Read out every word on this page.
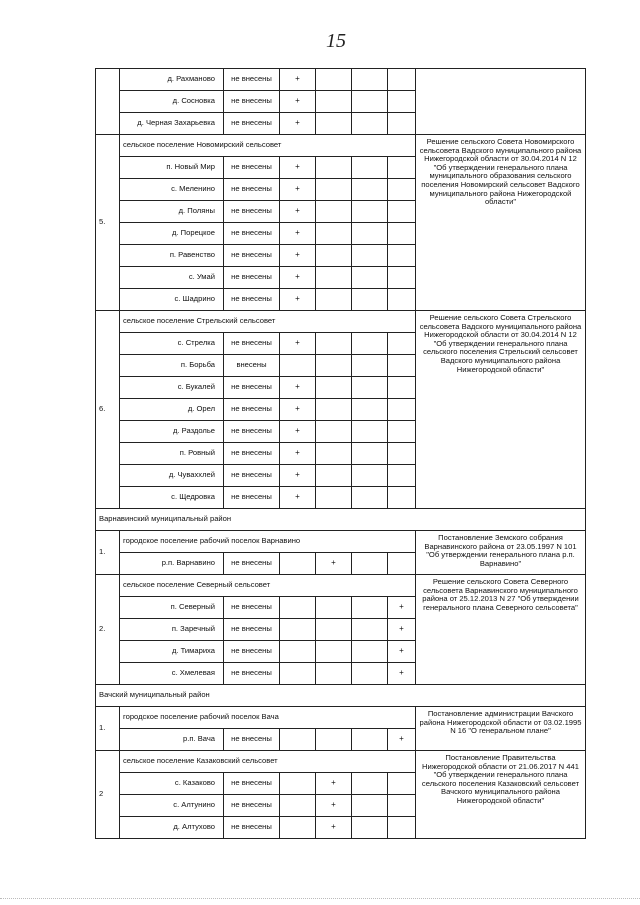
15
	д. Рахманово	не внесены	+				
	д. Сосновка	не внесены	+				
	д. Черная Захарьевка	не внесены	+				
5.	сельское поселение Новомирский сельсовет						Решение сельского Совета Новомирского сельсовета Вадского муниципального района Нижегородской области от 30.04.2014 N 12 "Об утверждении генерального плана муниципального образования сельского поселения Новомирский сельсовет Вадского муниципального района Нижегородской области"
	п. Новый Мир	не внесены	+				
	с. Меленино	не внесены	+				
	д. Поляны	не внесены	+				
	д. Порецкое	не внесены	+				
	п. Равенство	не внесены	+				
	с. Умай	не внесены	+				
	с. Шадрино	не внесены	+				
6.	сельское поселение Стрельский сельсовет						Решение сельского Совета Стрельского сельсовета Вадского муниципального района Нижегородской области от 30.04.2014 N 12 "Об утверждении генерального плана сельского поселения Стрельский сельсовет Вадского муниципального района Нижегородской области"
	с. Стрелка	не внесены	+				
	п. Борьба	внесены					
	с. Букалей	не внесены	+				
	д. Орел	не внесены	+				
	д. Раздолье	не внесены	+				
	п. Ровный	не внесены	+				
	д. Чуваххлей	не внесены	+				
	с. Щедровка	не внесены	+				
Варнавинский муниципальный район							
1.	городское поселение рабочий поселок Варнавино						Постановление Земского собрания Варнавинского района от 23.05.1997 N 101 "Об утверждении генерального плана р.п. Варнавино"
	р.п. Варнавино	не внесены		+			
2.	сельское поселение Северный сельсовет						Решение сельского Совета Северного сельсовета Варнавинского муниципального района от 25.12.2013 N 27 "Об утверждении генерального плана Северного сельсовета"
	п. Северный	не внесены				+	
	п. Заречный	не внесены				+	
	д. Тимариха	не внесены				+	
	с. Хмелевая	не внесены				+	
Вачский муниципальный район							
1.	городское поселение рабочий поселок Вача						Постановление администрации Вачского района Нижегородской области от 03.02.1995 N 16 "О генеральном плане"
	р.п. Вача	не внесены				+	
2	сельское поселение Казаковский сельсовет						Постановление Правительства Нижегородской области от 21.06.2017 N 441 "Об утверждении генерального плана сельского поселения Казаковский сельсовет Вачского муниципального района Нижегородской области"
	с. Казаково	не внесены		+			
	с. Алтунино	не внесены		+			
	д. Алтухово	не внесены		+			
